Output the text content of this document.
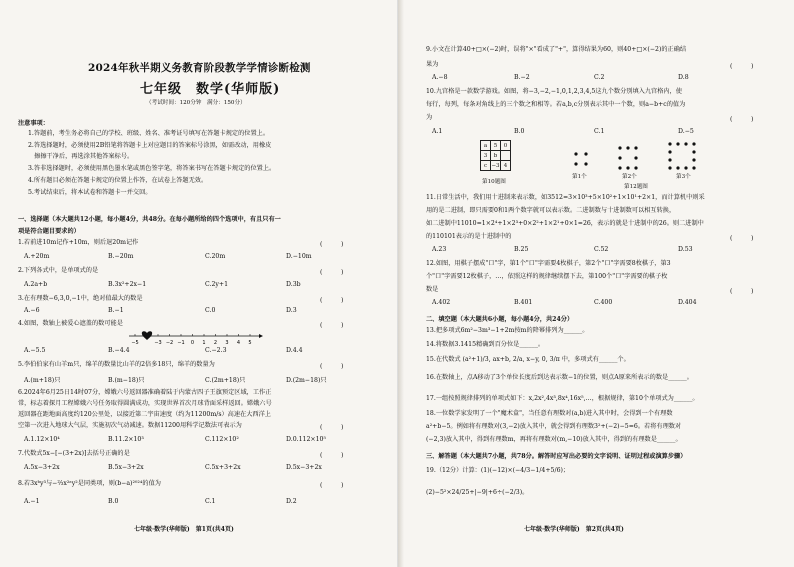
2024年秋半期义务教育阶段教学学情诊断检测
七年级　数学(华师版)
（考试时间：120分钟　满分：150分）
注意事项：
1.答题前，考生务必将自己的学校、班级、姓名、准考证号填写在答题卡规定的位置上。
2.答选择题时，必须使用2B铅笔将答题卡上对应题目的答案标号涂黑，如需改动，用橡皮
　擦擦干净后，再选涂其他答案标号。
3.答非选择题时，必须使用黑色墨水笔或黑色签字笔，将答案书写在答题卡规定的位置上。
4.所有题目必须在答题卡规定的位置上作答，在试卷上答题无效。
5.考试结束后，将本试卷和答题卡一并交回。
一、选择题（本大题共12小题，每小题4分，共48分。在每小题所给的四个选项中，有且只有一
项是符合题目要求的）
1.若前进10m记作+10m，则后退20m记作	(　　　)
A.+20m	B.−20m	C.20m	D.−10m
2.下列各式中，是单项式的是	(　　　)
A.2a+b	B.3x²+2x−1	C.2y+1	D.3b
3.在有理数−6,3,0,−1中，绝对值最大的数是	(　　　)
A.−6	B.−1	C.0	D.3
4.如图，数轴上被爱心遮盖的数可能是	(　　　)
−5	−3 −2 −1 0 1 2 3 4 5
A.−5.5	B.−4.4	C.−2.3	D.4.4
5.李伯伯家有山羊m只，绵羊的数量比山羊的2倍多18只，绵羊的数量为	(　　　)
A.(m+18)只	B.(m−18)只	C.(2m+18)只	D.(2m−18)只
6.2024年6月25日14时07分，嫦娥六号返回器准确着陆于内蒙古四子王旗预定区域，工作正
常，标志着探月工程嫦娥六号任务取得圆满成功，实现世界首次月球背面采样返回。嫦娥六号
返回器在距地面高度约120公里处，以接近第二宇宙速度（约为11200m/s）高速在大西洋上
空第一次进入地球大气层，实施初次气动减速。数据11200用科学记数法可表示为	(　　　)
A.1.12×10⁴	B.11.2×10³	C.112×10²	D.0.112×10⁵
7.代数式5x−[−(3+2x)]去括号正确的是	(　　　)
A.5x−3+2x	B.5x−3+2x	C.5x+3+2x	D.5x−3+2x
8.若3xᵇy³与−⅔x²ᵃy²是同类项，则(b−a)²⁰²⁴的值为	(　　　)
A.−1	B.0	C.1	D.2
七年级·数学(华师版)　第1页(共4页)
9.小文在计算40+□×(−2)时，误将"×"看成了"+"，算得结果为60，则40+□×(−2)的正确结
果为	(　　　)
A.−8	B.−2	C.2	D.8
10.九宫格是一款数学游戏。如图，将−3,−2,−1,0,1,2,3,4,5这九个数分别填入九宫格内，使
每行，每列，每条对角线上的三个数之和相等。若a,b,c分别表示其中一个数，则a−b+c的值为
为	(　　　)
A.1	B.0	C.1	D.−5
a	5	0
3	b	
c	−3	4
第10题图
第1个	第2个	第3个
第12题图
11.日常生活中，我们用十进制来表示数，如3512=3×10³+5×10²+1×10¹+2×1，而计算机中则采
用的是二进制，即只需要0和1两个数字就可以表示数。二进制数与十进制数可以相互转换，
如二进制中11010=1×2⁴+1×2³+0×2²+1×2¹+0×1=26，表示的就是十进制中的26。则二进制中
的110101表示的是十进制中的	(　　　)
A.23	B.25	C.52	D.53
12.如图，用棋子摆成"口"字，第1个"口"字需要4枚棋子，第2个"口"字需要8枚棋子，第3
个"口"字需要12枚棋子，…，依照这样的规律继续摆下去，第100个"口"字需要的棋子枚
数是	(　　　)
A.402	B.401	C.400	D.404
二、填空题（本大题共6小题，每小题4分，共24分）
13.把多项式6m²−3m³−1+2m按m的降幂排列为______。
14.将数据3.1415精确到百分位是______。
15.在代数式 (a²+1)/3, ax+b, 2/a, x−y, 0, 3/π 中，多项式有______个。
16.在数轴上，点A移动了3个单位长度后到达表示数−1的位置，则点A原来所表示的数是______。
17.一组按照规律排列的单项式如下：x,2x²,4x³,8x⁴,16x⁵,…，根据规律，第10个单项式为______。
18.一位数学家发明了一个"魔术盒"，当任意有理数对(a,b)进入其中时，会得到一个有理数
a²+b−5。例如将有理数对(3,−2)放入其中，就会得到有理数3²+(−2)−5=6。若将有理数对
(−2,3)放入其中，得到有理数m，再将有理数对(m,−10)放入其中，得到的有理数是______。
三、解答题（本大题共7小题，共78分。解答时应写出必要的文字说明、证明过程或演算步骤）
19.（12分）计算：(1)(−12)×(−4/3−1/4+5/6)；
(2)−5²×24/25+|−9|+6÷(−2/3)。
七年级·数学(华师版)　第2页(共4页)
